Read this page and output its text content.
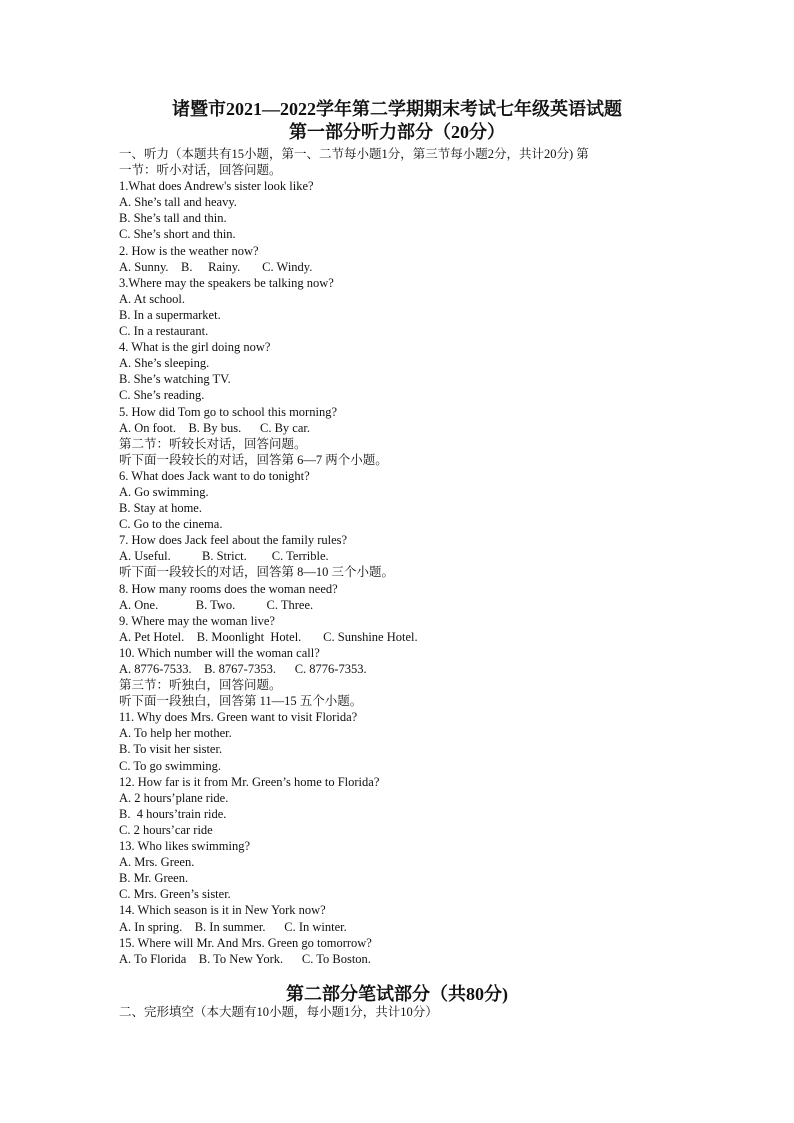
诸暨市2021—2022学年第二学期期末考试七年级英语试题
第一部分听力部分（20分）
一、听力（本题共有15小题，第一、二节每小题1分，第三节每小题2分，共计20分) 第
一节：听小对话，回答问题。
1.What does Andrew's sister look like?
A. She’s tall and heavy.
B. She’s tall and thin.
C. She’s short and thin.
2. How is the weather now?
A. Sunny.    B.     Rainy.       C. Windy.
3.Where may the speakers be talking now?
A. At school.
B. In a supermarket.
C. In a restaurant.
4. What is the girl doing now?
A. She’s sleeping.
B. She’s watching TV.
C. She’s reading.
5. How did Tom go to school this morning?
A. On foot.    B. By bus.      C. By car.
第二节：听较长对话，回答问题。
听下面一段较长的对话，回答第 6—7 两个小题。
6. What does Jack want to do tonight?
A. Go swimming.
B. Stay at home.
C. Go to the cinema.
7. How does Jack feel about the family rules?
A. Useful.          B. Strict.        C. Terrible.
听下面一段较长的对话，回答第 8—10 三个小题。
8. How many rooms does the woman need?
A. One.            B. Two.          C. Three.
9. Where may the woman live?
A. Pet Hotel.    B. Moonlight  Hotel.       C. Sunshine Hotel.
10. Which number will the woman call?
A. 8776-7533.    B. 8767-7353.      C. 8776-7353.
第三节：听独白，回答问题。
听下面一段独白，回答第 11—15 五个小题。
11. Why does Mrs. Green want to visit Florida?
A. To help her mother.
B. To visit her sister.
C. To go swimming.
12. How far is it from Mr. Green’s home to Florida?
A. 2 hours’plane ride.
B.  4 hours’train ride.
C. 2 hours’car ride
13. Who likes swimming?
A. Mrs. Green.
B. Mr. Green.
C. Mrs. Green’s sister.
14. Which season is it in New York now?
A. In spring.    B. In summer.      C. In winter.
15. Where will Mr. And Mrs. Green go tomorrow?
A. To Florida    B. To New York.      C. To Boston.
第二部分笔试部分（共80分)
二、完形填空（本大题有10小题，每小题1分，共计10分）
